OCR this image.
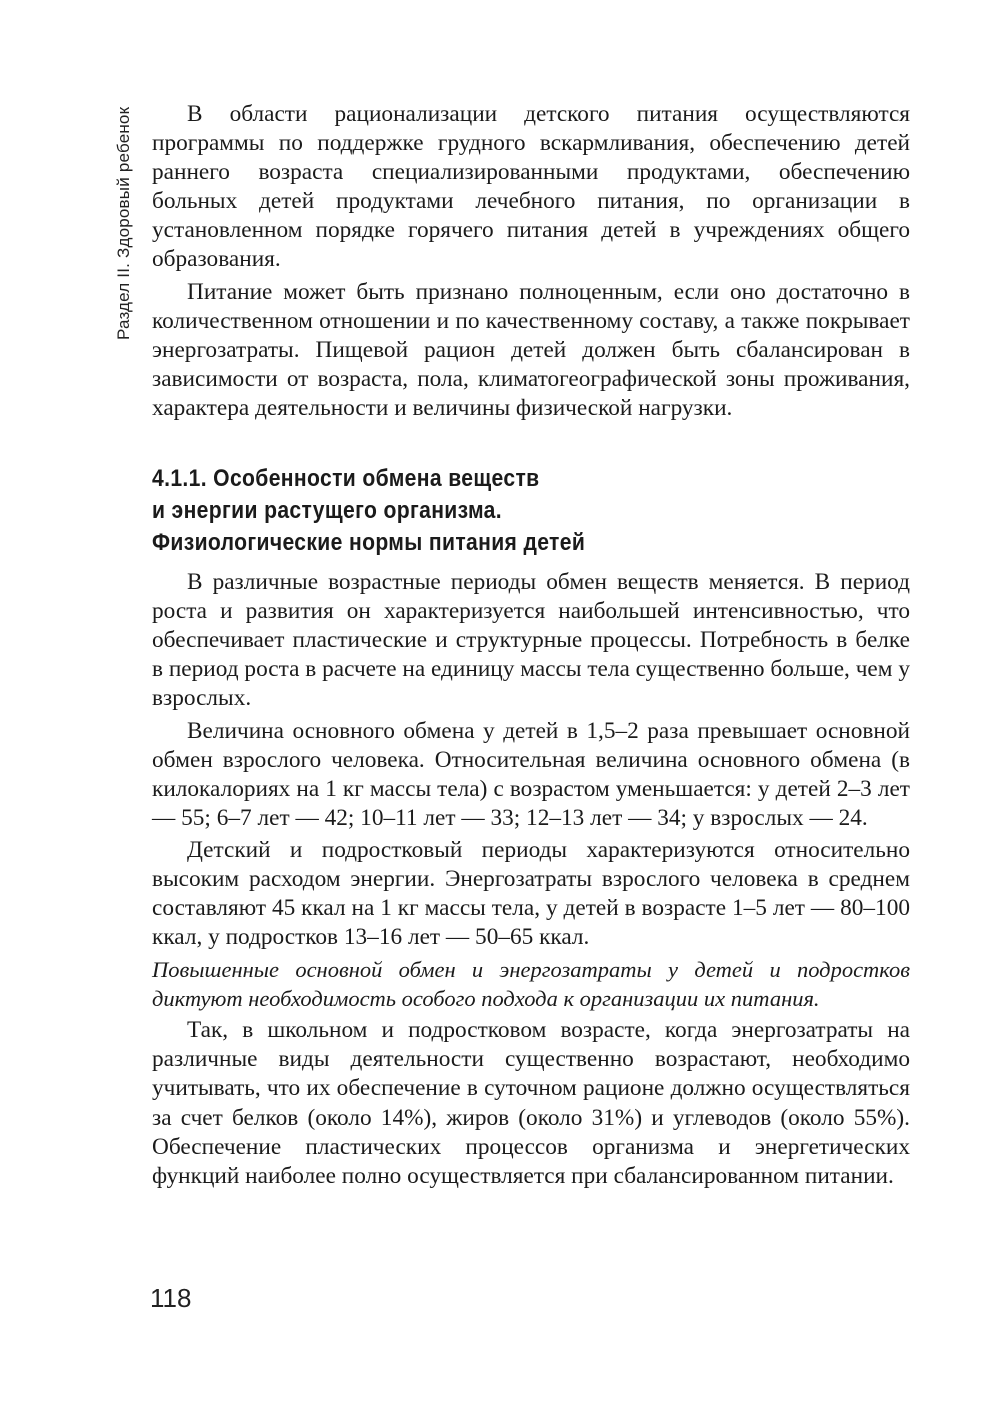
Раздел II. Здоровый ребенок	В области рационализации детского питания осуществляются программы по поддержке грудного вскармливания, обеспечению детей раннего возраста специализированными продуктами, обеспечению больных детей продуктами лечебного питания, по организации в установленном порядке горячего питания детей в учреждениях общего образования.

Питание может быть признано полноценным, если оно достаточно в количественном отношении и по качественному составу, а также покрывает энергозатраты. Пищевой рацион детей должен быть сбалансирован в зависимости от возраста, пола, климатогеографической зоны проживания, характера деятельности и величины физической нагрузки.

4.1.1. Особенности обмена веществ
и энергии растущего организма.
Физиологические нормы питания детей

В различные возрастные периоды обмен веществ меняется. В период роста и развития он характеризуется наибольшей интенсивностью, что обеспечивает пластические и структурные процессы. Потребность в белке в период роста в расчете на единицу массы тела существенно больше, чем у взрослых.

Величина основного обмена у детей в 1,5–2 раза превышает основной обмен взрослого человека. Относительная величина основного обмена (в килокалориях на 1 кг массы тела) с возрастом уменьшается: у детей 2–3 лет — 55; 6–7 лет — 42; 10–11 лет — 33; 12–13 лет — 34; у взрослых — 24.

Детский и подростковый периоды характеризуются относительно высоким расходом энергии. Энергозатраты взрослого человека в среднем составляют 45 ккал на 1 кг массы тела, у детей в возрасте 1–5 лет — 80–100 ккал, у подростков 13–16 лет — 50–65 ккал.

Повышенные основной обмен и энергозатраты у детей и подростков диктуют необходимость особого подхода к организации их питания.

Так, в школьном и подростковом возрасте, когда энергозатраты на различные виды деятельности существенно возрастают, необходимо учитывать, что их обеспечение в суточном рационе должно осуществляться за счет белков (около 14%), жиров (около 31%) и углеводов (около 55%). Обеспечение пластических процессов организма и энергетических функций наиболее полно осуществляется при сбалансированном питании.

118
